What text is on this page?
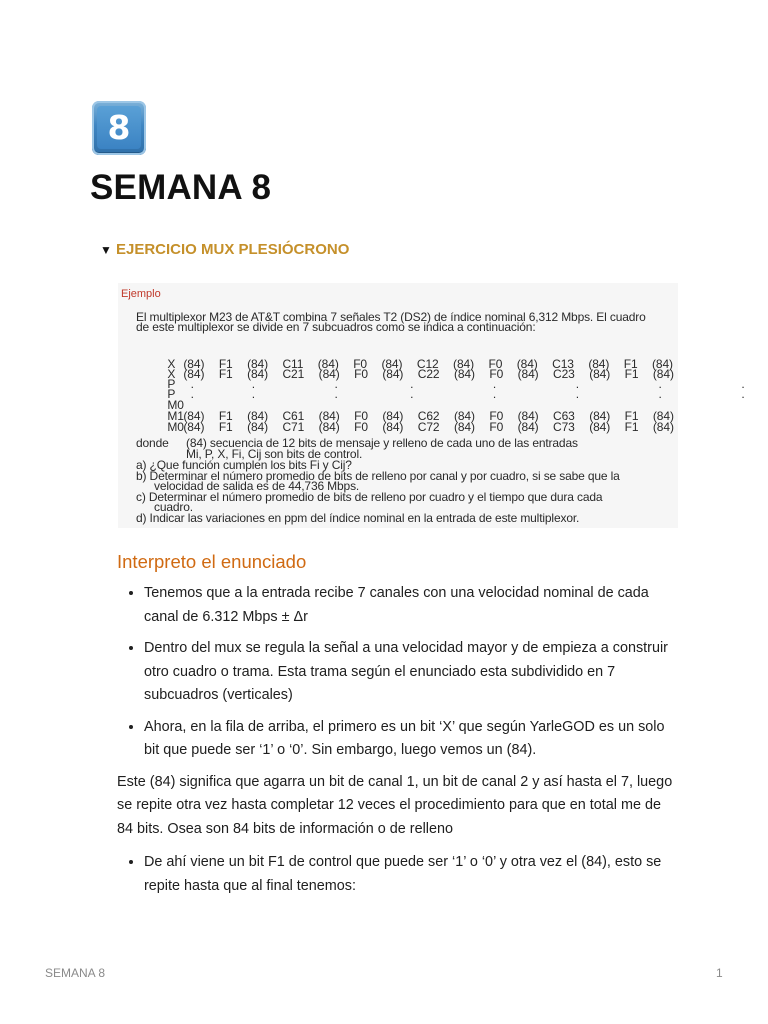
8
SEMANA 8
▼ EJERCICIO MUX PLESIÓCRONO
Ejemplo
El multiplexor M23 de AT&T combina 7 señales T2 (DS2) de índice nominal 6,312 Mbps. El cuadro
de este multiplexor se divide en 7 subcuadros como se indica a continuación:

X (84)  F1  (84)  C11  (84)  F0  (84)  C12  (84)  F0  (84)  C13  (84)  F1  (84)

X (84)  F1  (84)  C21  (84)  F0  (84)  C22  (84)  F0  (84)  C23  (84)  F1  (84)

P .        .           .          .           .           .           .           .

P .        .           .          .           .           .           .           .

M0

M1(84)  F1  (84)  C61  (84)  F0  (84)  C62  (84)  F0  (84)  C63  (84)  F1  (84)

M0(84)  F1  (84)  C71  (84)  F0  (84)  C72  (84)  F0  (84)  C73  (84)  F1  (84)

donde (84) secuencia de 12 bits de mensaje y relleno de cada uno de las entradas
Mi, P, X, Fi, Cij son bits de control.
a) ¿Que función cumplen los bits Fi y Cij?
b) Determinar el número promedio de bits de relleno por canal y por cuadro, si se sabe que la
velocidad de salida es de 44,736 Mbps.
c) Determinar el número promedio de bits de relleno por cuadro y el tiempo que dura cada
cuadro.
d) Indicar las variaciones en ppm del índice nominal en la entrada de este multiplexor.
Interpreto el enunciado
• Tenemos que a la entrada recibe 7 canales con una velocidad nominal de cada canal de 6.312 Mbps ± Δr
• Dentro del mux se regula la señal a una velocidad mayor y de empieza a construir otro cuadro o trama. Esta trama según el enunciado esta subdividido en 7 subcuadros (verticales)
• Ahora, en la fila de arriba, el primero es un bit ‘X’ que según YarleGOD es un solo bit que puede ser ‘1’ o ‘0’. Sin embargo, luego vemos un (84).

Este (84) significa que agarra un bit de canal 1, un bit de canal 2 y así hasta el 7, luego se repite otra vez hasta completar 12 veces el procedimiento para que en total me de 84 bits. Osea son 84 bits de información o de relleno

• De ahí viene un bit F1 de control que puede ser ‘1’ o ‘0’ y otra vez el (84), esto se repite hasta que al final tenemos:
SEMANA 8	1
